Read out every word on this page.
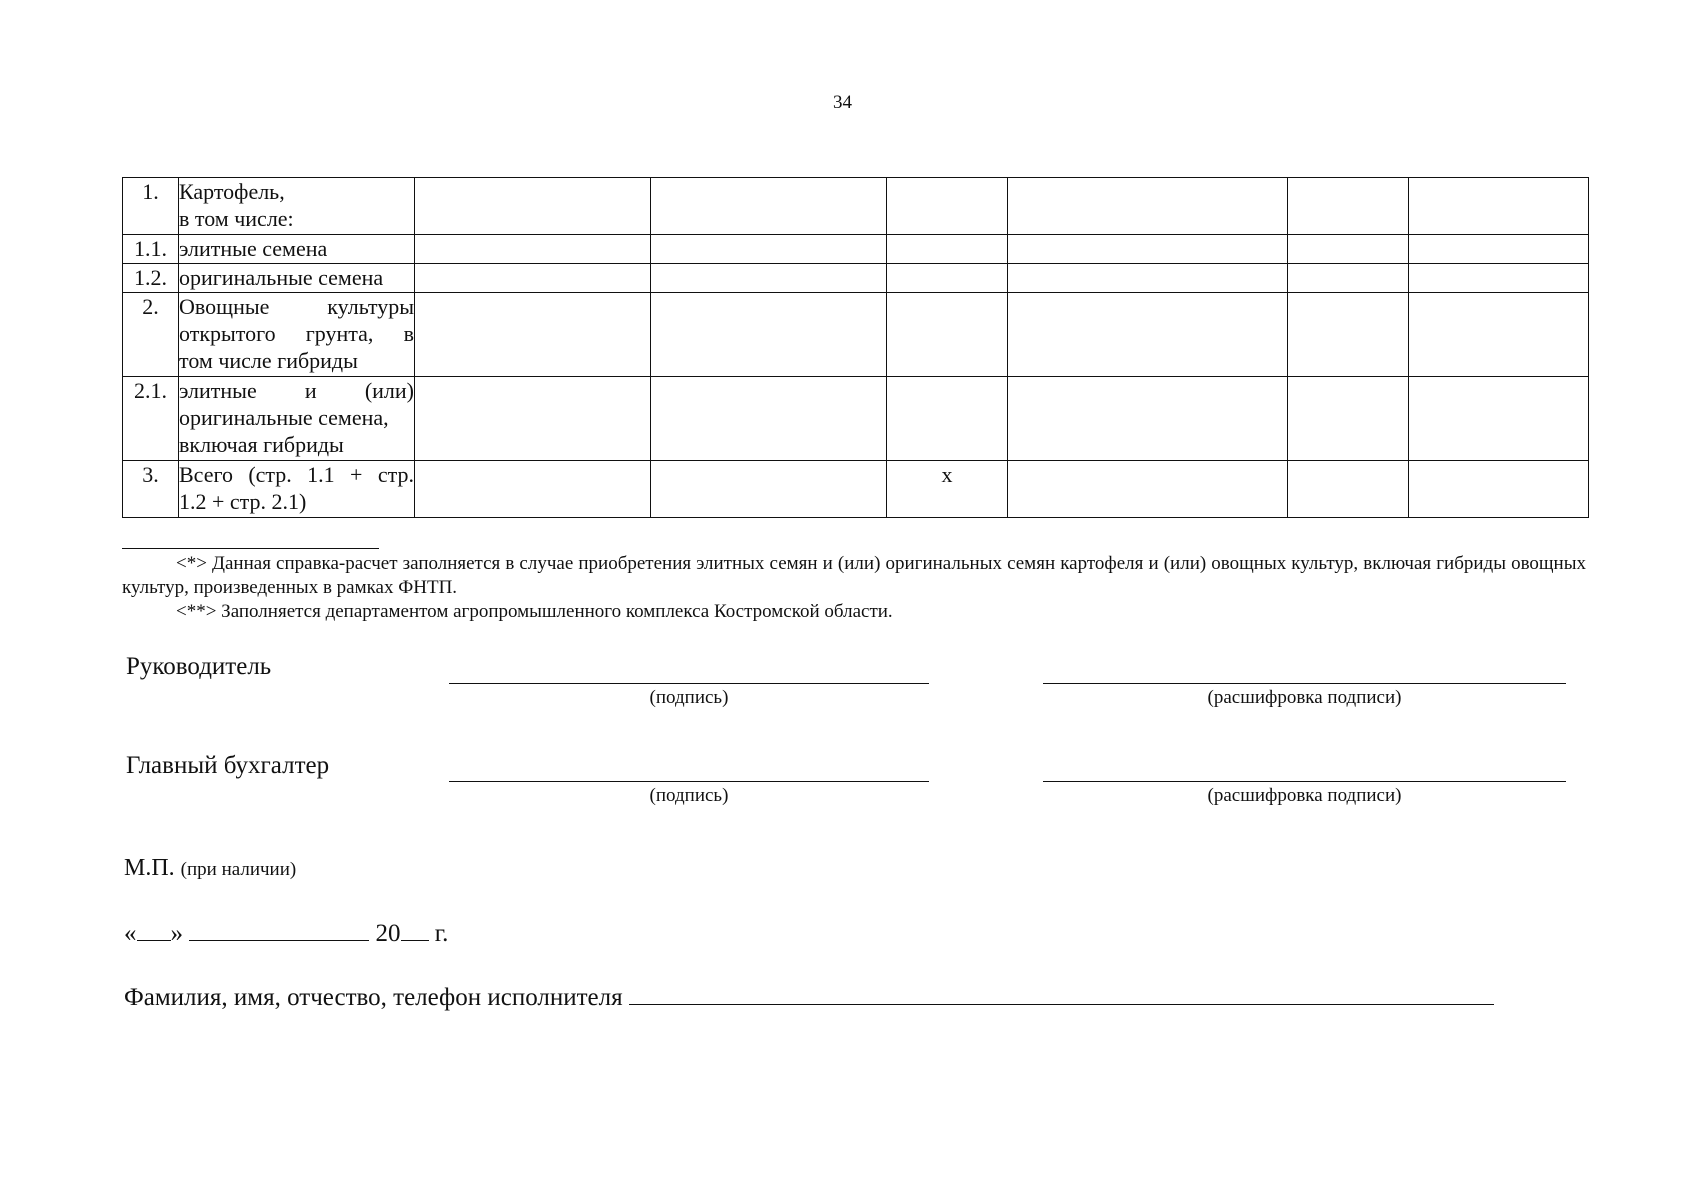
34
1.	Картофель,
в том числе:						

1.1.	элитные семена						

1.2.	оригинальные семена						

2.	Овощные культуры
открытого грунта, в
том числе гибриды						

2.1.	элитные и (или)
оригинальные семена,
включая гибриды						

3.	Всего (стр. 1.1 + стр.
1.2 + стр. 2.1)			х			
<*> Данная справка-расчет заполняется в случае приобретения элитных семян и (или) оригинальных семян картофеля и (или) овощных культур, включая гибриды овощных культур, произведенных в рамках ФНТП.
<**> Заполняется департаментом агропромышленного комплекса Костромской области.
Руководитель
(подпись)	(расшифровка подписи)
Главный бухгалтер
(подпись)	(расшифровка подписи)
М.П. (при наличии)
« »	20 г.
Фамилия, имя, отчество, телефон исполнителя
